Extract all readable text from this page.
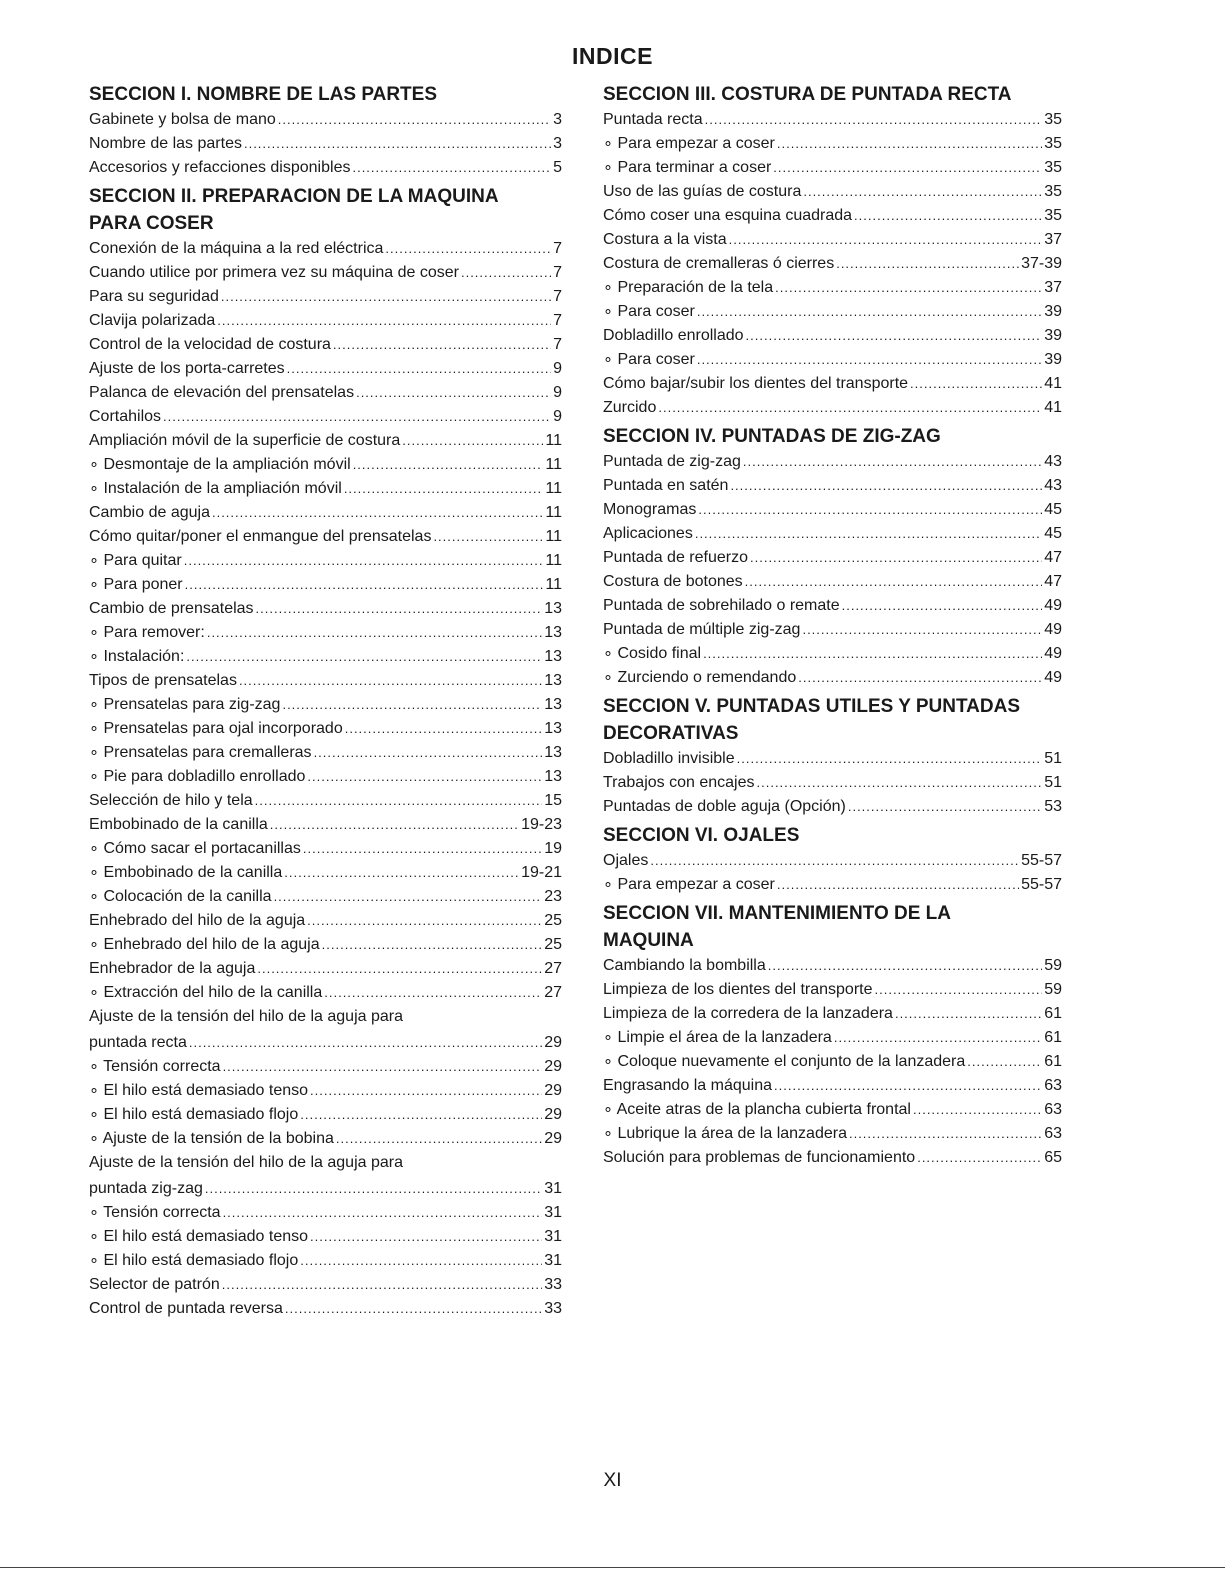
INDICE
SECCION I. NOMBRE DE LAS PARTES
Gabinete y bolsa de mano .....	3
Nombre de las partes .....	3
Accesorios y refacciones disponibles .....	5
SECCION II. PREPARACION DE LA MAQUINA
PARA COSER
Conexión de la máquina a la red eléctrica .....	7
Cuando utilice por primera vez su máquina de coser .....	7
Para su seguridad .....	7
Clavija polarizada .....	7
Control de la velocidad de costura .....	7
Ajuste de los porta-carretes .....	9
Palanca de elevación del prensatelas .....	9
Cortahilos .....	9
Ampliación móvil de la superficie de costura .....	11
∘ Desmontaje de la ampliación móvil .....	11
∘ Instalación de la ampliación móvil .....	11
Cambio de aguja .....	11
Cómo quitar/poner el enmangue del prensatelas .....	11
∘ Para quitar .....	11
∘ Para poner .....	11
Cambio de prensatelas .....	13
∘ Para remover: .....	13
∘ Instalación: .....	13
Tipos de prensatelas .....	13
∘ Prensatelas para zig-zag .....	13
∘ Prensatelas para ojal incorporado .....	13
∘ Prensatelas para cremalleras .....	13
∘ Pie para dobladillo enrollado .....	13
Selección de hilo y tela .....	15
Embobinado de la canilla .....	19-23
∘ Cómo sacar el portacanillas .....	19
∘ Embobinado de la canilla .....	19-21
∘ Colocación de la canilla .....	23
Enhebrado del hilo de la aguja .....	25
∘ Enhebrado del hilo de la aguja .....	25
Enhebrador de la aguja .....	27
∘ Extracción del hilo de la canilla .....	27
Ajuste de la tensión del hilo de la aguja para
puntada recta .....	29
∘ Tensión correcta .....	29
∘ El hilo está demasiado tenso .....	29
∘ El hilo está demasiado flojo .....	29
∘ Ajuste de la tensión de la bobina .....	29
Ajuste de la tensión del hilo de la aguja para
puntada zig-zag .....	31
∘ Tensión correcta .....	31
∘ El hilo está demasiado tenso .....	31
∘ El hilo está demasiado flojo .....	31
Selector de patrón .....	33
Control de puntada reversa .....	33
SECCION III. COSTURA DE PUNTADA RECTA
Puntada recta .....	35
∘ Para empezar a coser .....	35
∘ Para terminar a coser .....	35
Uso de las guías de costura .....	35
Cómo coser una esquina cuadrada .....	35
Costura a la vista .....	37
Costura de cremalleras ó cierres .....	37-39
∘ Preparación de la tela .....	37
∘ Para coser .....	39
Dobladillo enrollado .....	39
∘ Para coser .....	39
Cómo bajar/subir los dientes del transporte .....	41
Zurcido .....	41
SECCION IV. PUNTADAS DE ZIG-ZAG
Puntada de zig-zag .....	43
Puntada en satén .....	43
Monogramas .....	45
Aplicaciones .....	45
Puntada de refuerzo .....	47
Costura de botones .....	47
Puntada de sobrehilado o remate .....	49
Puntada de múltiple zig-zag .....	49
∘ Cosido final .....	49
∘ Zurciendo o remendando .....	49
SECCION V. PUNTADAS UTILES Y PUNTADAS
DECORATIVAS
Dobladillo invisible .....	51
Trabajos con encajes .....	51
Puntadas de doble aguja (Opción) .....	53
SECCION VI. OJALES
Ojales .....	55-57
∘ Para empezar a coser .....	55-57
SECCION VII. MANTENIMIENTO DE LA
MAQUINA
Cambiando la bombilla .....	59
Limpieza de los dientes del transporte .....	59
Limpieza de la corredera de la lanzadera .....	61
∘ Limpie el área de la lanzadera .....	61
∘ Coloque nuevamente el conjunto de la lanzadera .....	61
Engrasando la máquina .....	63
∘ Aceite atras de la plancha cubierta frontal .....	63
∘ Lubrique la área de la lanzadera .....	63
Solución para problemas de funcionamiento .....	65
XI
